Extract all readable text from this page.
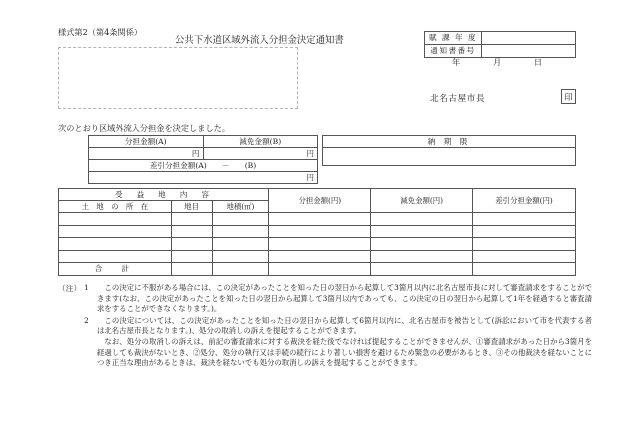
様式第2（第4条関係）
公共下水道区域外流入分担金決定通知書	賦 課 年 度	
通知書番号	
年　　　　月　　　　日
北名古屋市長	印
次のとおり区域外流入分担金を決定しました。
分担金額(A)	減免金額(B)
円	円
差引分担金額(A)　　－　　(B)	
円	
納 期 限

受　益　地　内　容			分担金額(円)	減免金額(円)	差引分担金額(円)
土　地　の　所　在	地目	地積(㎡)			

合　計					
（注） 1	この決定に不服がある場合には、この決定があったことを知った日の翌日から起算して3箇月以内に北名古屋市長に対して審査請求をすることができます(なお、この決定があったことを知った日の翌日から起算して3箇月以内であっても、この決定の日の翌日から起算して1年を経過すると審査請求をすることができなくなります。)。

2	この決定については、この決定があったことを知った日の翌日から起算して6箇月以内に、北名古屋市を被告として(訴訟において市を代表する者は北名古屋市長となります。)、処分の取消しの訴えを提起することができます。

なお、処分の取消しの訴えは、前記の審査請求に対する裁決を経た後でなければ提起することができませんが、①審査請求があった日から3箇月を経過しても裁決がないとき、②処分、処分の執行又は手続の続行により著しい損害を避けるため緊急の必要があるとき、③その他裁決を経ないことにつき正当な理由があるときは、裁決を経ないでも処分の取消しの訴えを提起することができます。
